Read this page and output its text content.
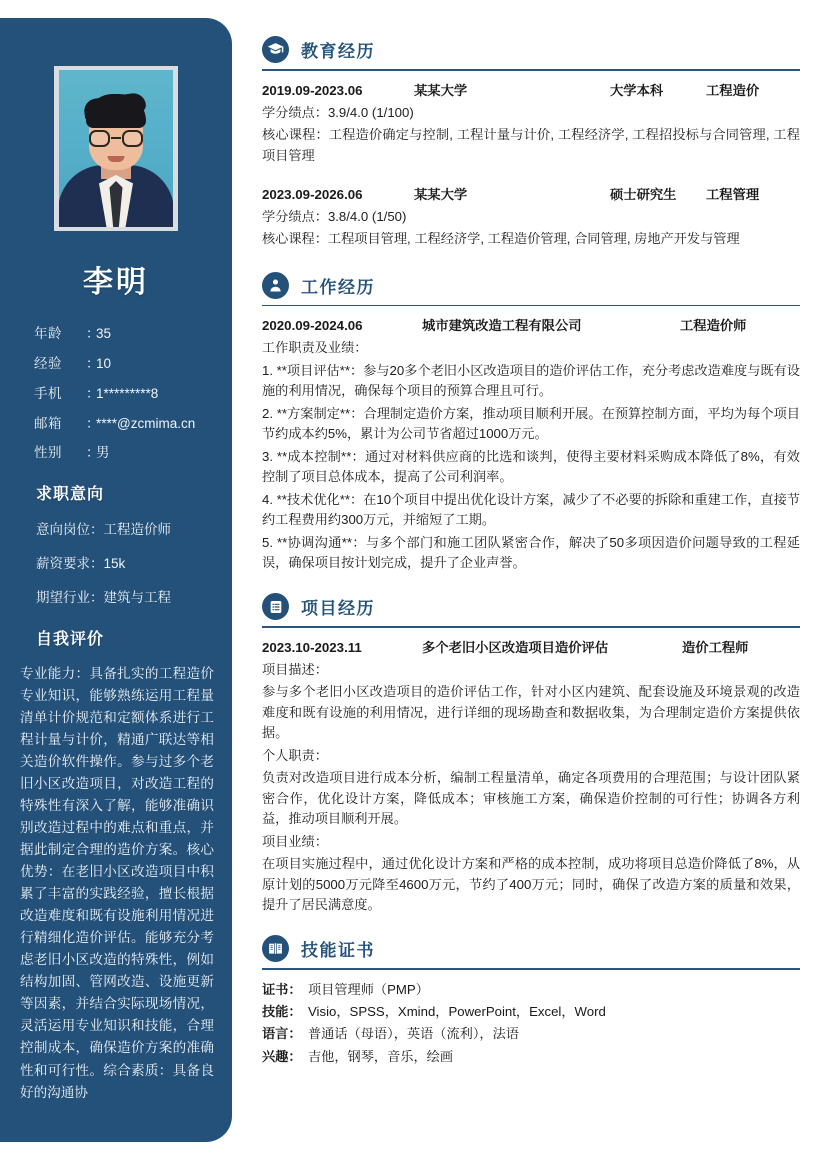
李明
年龄	：
35
经验	：
10
手机	：
1*********8
邮箱	：
****@zcmima.cn
性别	：
男
求职意向
意向岗位：工程造价师
薪资要求：15k
期望行业：建筑与工程
自我评价
专业能力：具备扎实的工程造价专业知识，能够熟练运用工程量清单计价规范和定额体系进行工程计量与计价，精通广联达等相关造价软件操作。参与过多个老旧小区改造项目，对改造工程的特殊性有深入了解，能够准确识别改造过程中的难点和重点，并据此制定合理的造价方案。核心优势：在老旧小区改造项目中积累了丰富的实践经验，擅长根据改造难度和既有设施利用情况进行精细化造价评估。能够充分考虑老旧小区改造的特殊性，例如结构加固、管网改造、设施更新等因素，并结合实际现场情况，灵活运用专业知识和技能，合理控制成本，确保造价方案的准确性和可行性。综合素质：具备良好的沟通协
教育经历
2019.09-2023.06	某某大学	大学本科	工程造价
学分绩点：3.9/4.0 (1/100)
核心课程：工程造价确定与控制, 工程计量与计价, 工程经济学, 工程招投标与合同管理, 工程项目管理
2023.09-2026.06	某某大学	硕士研究生	工程管理
学分绩点：3.8/4.0 (1/50)
核心课程：工程项目管理, 工程经济学, 工程造价管理, 合同管理, 房地产开发与管理
工作经历
2020.09-2024.06	城市建筑改造工程有限公司	工程造价师
工作职责及业绩：
1. **项目评估**：参与20多个老旧小区改造项目的造价评估工作，充分考虑改造难度与既有设施的利用情况，确保每个项目的预算合理且可行。
2. **方案制定**：合理制定造价方案，推动项目顺利开展。在预算控制方面，平均为每个项目节约成本约5%，累计为公司节省超过1000万元。
3. **成本控制**：通过对材料供应商的比选和谈判，使得主要材料采购成本降低了8%，有效控制了项目总体成本，提高了公司利润率。
4. **技术优化**：在10个项目中提出优化设计方案，减少了不必要的拆除和重建工作，直接节约工程费用约300万元，并缩短了工期。
5. **协调沟通**：与多个部门和施工团队紧密合作，解决了50多项因造价问题导致的工程延误，确保项目按计划完成，提升了企业声誉。
项目经历
2023.10-2023.11	多个老旧小区改造项目造价评估	造价工程师
项目描述：
参与多个老旧小区改造项目的造价评估工作，针对小区内建筑、配套设施及环境景观的改造难度和既有设施的利用情况，进行详细的现场勘查和数据收集，为合理制定造价方案提供依据。
个人职责：
负责对改造项目进行成本分析，编制工程量清单，确定各项费用的合理范围；与设计团队紧密合作，优化设计方案，降低成本；审核施工方案，确保造价控制的可行性；协调各方利益，推动项目顺利开展。
项目业绩：
在项目实施过程中，通过优化设计方案和严格的成本控制，成功将项目总造价降低了8%，从原计划的5000万元降至4600万元，节约了400万元；同时，确保了改造方案的质量和效果，提升了居民满意度。
技能证书
证书： 项目管理师（PMP）
技能： Visio，SPSS，Xmind，PowerPoint，Excel，Word
语言： 普通话（母语），英语（流利），法语
兴趣： 吉他，钢琴，音乐，绘画
